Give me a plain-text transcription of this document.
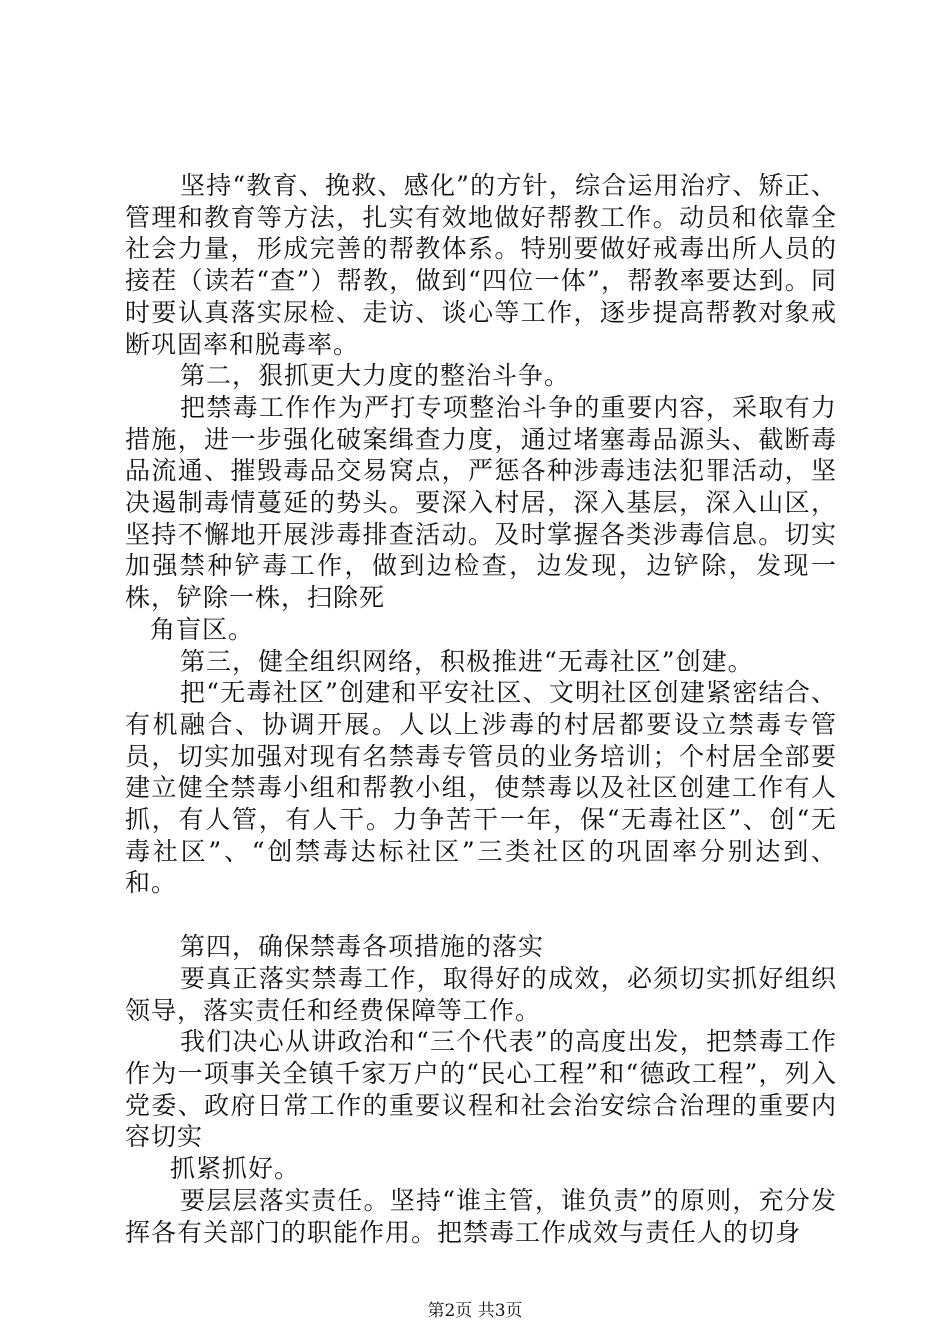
坚持“教育、挽救、感化”的方针，综合运用治疗、矫正、管理和教育等方法，扎实有效地做好帮教工作。动员和依靠全社会力量，形成完善的帮教体系。特别要做好戒毒出所人员的接茬（读若“查”）帮教，做到“四位一体”，帮教率要达到。同时要认真落实尿检、走访、谈心等工作，逐步提高帮教对象戒断巩固率和脱毒率。

第二，狠抓更大力度的整治斗争。

把禁毒工作作为严打专项整治斗争的重要内容，采取有力措施，进一步强化破案缉查力度，通过堵塞毒品源头、截断毒品流通、摧毁毒品交易窝点，严惩各种涉毒违法犯罪活动，坚决遏制毒情蔓延的势头。要深入村居，深入基层，深入山区，坚持不懈地开展涉毒排查活动。及时掌握各类涉毒信息。切实加强禁种铲毒工作，做到边检查，边发现，边铲除，发现一株，铲除一株，扫除死

角盲区。

第三，健全组织网络，积极推进“无毒社区”创建。

把“无毒社区”创建和平安社区、文明社区创建紧密结合、有机融合、协调开展。人以上涉毒的村居都要设立禁毒专管员，切实加强对现有名禁毒专管员的业务培训；个村居全部要建立健全禁毒小组和帮教小组，使禁毒以及社区创建工作有人抓，有人管，有人干。力争苦干一年，保“无毒社区”、创“无毒社区”、“创禁毒达标社区”三类社区的巩固率分别达到、和。

第四，确保禁毒各项措施的落实

要真正落实禁毒工作，取得好的成效，必须切实抓好组织领导，落实责任和经费保障等工作。

我们决心从讲政治和“三个代表”的高度出发，把禁毒工作作为一项事关全镇千家万户的“民心工程”和“德政工程”，列入党委、政府日常工作的重要议程和社会治安综合治理的重要内容切实

抓紧抓好。

要层层落实责任。坚持“谁主管，谁负责”的原则，充分发挥各有关部门的职能作用。把禁毒工作成效与责任人的切身

第2页 共3页
